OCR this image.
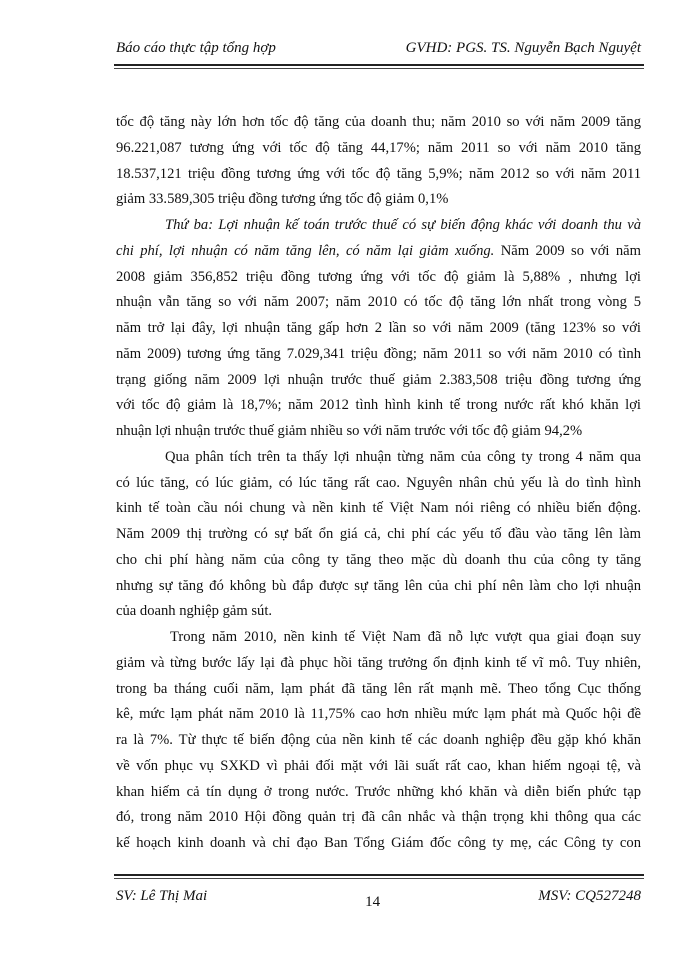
Báo cáo thực tập tổng hợp	GVHD: PGS. TS. Nguyễn Bạch Nguyệt
tốc độ tăng này lớn hơn tốc độ tăng của doanh thu; năm 2010 so với năm 2009 tăng
96.221,087 tương ứng với tốc độ tăng 44,17%; năm 2011 so với năm 2010 tăng
18.537,121 triệu đồng tương ứng với tốc độ tăng 5,9%; năm 2012 so với năm 2011
giảm 33.589,305 triệu đồng tương ứng tốc độ giảm 0,1%
Thứ ba: Lợi nhuận kế toán trước thuế có sự biến động khác với doanh thu và
chi phí, lợi nhuận có năm tăng lên, có năm lại giảm xuống. Năm 2009 so với năm
2008 giảm 356,852 triệu đồng tương ứng với tốc độ giảm là 5,88% , nhưng lợi
nhuận vẫn tăng so với năm 2007; năm 2010 có tốc độ tăng lớn nhất trong vòng 5
năm trở lại đây, lợi nhuận tăng gấp hơn 2 lần so với năm 2009 (tăng 123% so với
năm 2009) tương ứng tăng 7.029,341 triệu đồng; năm 2011 so với năm 2010 có tình
trạng giống năm 2009 lợi nhuận trước thuế giảm 2.383,508 triệu đồng tương ứng
với tốc độ giảm là 18,7%; năm 2012 tình hình kinh tế trong nước rất khó khăn lợi
nhuận lợi nhuận trước thuế giảm nhiều so với năm trước với tốc độ giảm 94,2%
Qua phân tích trên ta thấy lợi nhuận từng năm của công ty trong 4 năm qua
có lúc tăng, có lúc giảm, có lúc tăng rất cao. Nguyên nhân chủ yếu là do tình hình
kinh tế toàn cầu nói chung và nền kinh tế Việt Nam nói riêng có nhiều biến động.
Năm 2009 thị trường có sự bất ổn giá cả, chi phí các yếu tố đầu vào tăng lên làm
cho chi phí hàng năm của công ty tăng theo mặc dù doanh thu của công ty tăng
nhưng sự tăng đó không bù đắp được sự tăng lên của chi phí nên làm cho lợi nhuận
của doanh nghiệp gảm sút.
Trong năm 2010, nền kinh tế Việt Nam đã nỗ lực vượt qua giai đoạn suy
giảm và từng bước lấy lại đà phục hồi tăng trưởng ổn định kinh tế vĩ mô. Tuy nhiên,
trong ba tháng cuối năm, lạm phát đã tăng lên rất mạnh mẽ. Theo tổng Cục thống
kê, mức lạm phát năm 2010 là 11,75% cao hơn nhiều mức lạm phát mà Quốc hội đề
ra là 7%. Từ thực tế biến động của nền kinh tế các doanh nghiệp đều gặp khó khăn
về vốn phục vụ SXKD vì phải đối mặt với lãi suất rất cao, khan hiếm ngoại tệ, và
khan hiếm cả tín dụng ở trong nước. Trước những khó khăn và diễn biến phức tạp
đó, trong năm 2010 Hội đồng quản trị đã cân nhắc và thận trọng khi thông qua các
kế hoạch kinh doanh và chỉ đạo Ban Tổng Giám đốc công ty mẹ, các Công ty con
SV: Lê Thị Mai	14	MSV: CQ527248
